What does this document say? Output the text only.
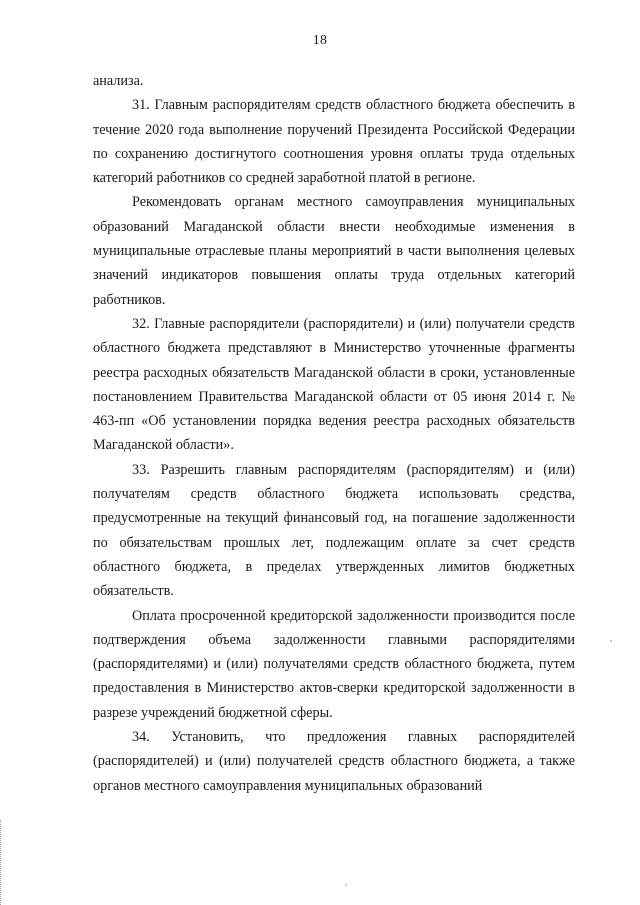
18

анализа.

31. Главным распорядителям средств областного бюджета обеспечить в течение 2020 года выполнение поручений Президента Российской Федерации по сохранению достигнутого соотношения уровня оплаты труда отдельных категорий работников со средней заработной платой в регионе.

Рекомендовать органам местного самоуправления муниципальных образований Магаданской области внести необходимые изменения в муниципальные отраслевые планы мероприятий в части выполнения целевых значений индикаторов повышения оплаты труда отдельных категорий работников.

32. Главные распорядители (распорядители) и (или) получатели средств областного бюджета представляют в Министерство уточненные фрагменты реестра расходных обязательств Магаданской области в сроки, установленные постановлением Правительства Магаданской области от 05 июня 2014 г. № 463-пп «Об установлении порядка ведения реестра расходных обязательств Магаданской области».

33. Разрешить главным распорядителям (распорядителям) и (или) получателям средств областного бюджета использовать средства, предусмотренные на текущий финансовый год, на погашение задолженности по обязательствам прошлых лет, подлежащим оплате за счет средств областного бюджета, в пределах утвержденных лимитов бюджетных обязательств.

Оплата просроченной кредиторской задолженности производится после подтверждения объема задолженности главными распорядителями (распорядителями) и (или) получателями средств областного бюджета, путем предоставления в Министерство актов-сверки кредиторской задолженности в разрезе учреждений бюджетной сферы.

34. Установить, что предложения главных распорядителей (распорядителей) и (или) получателей средств областного бюджета, а также органов местного самоуправления муниципальных образований
